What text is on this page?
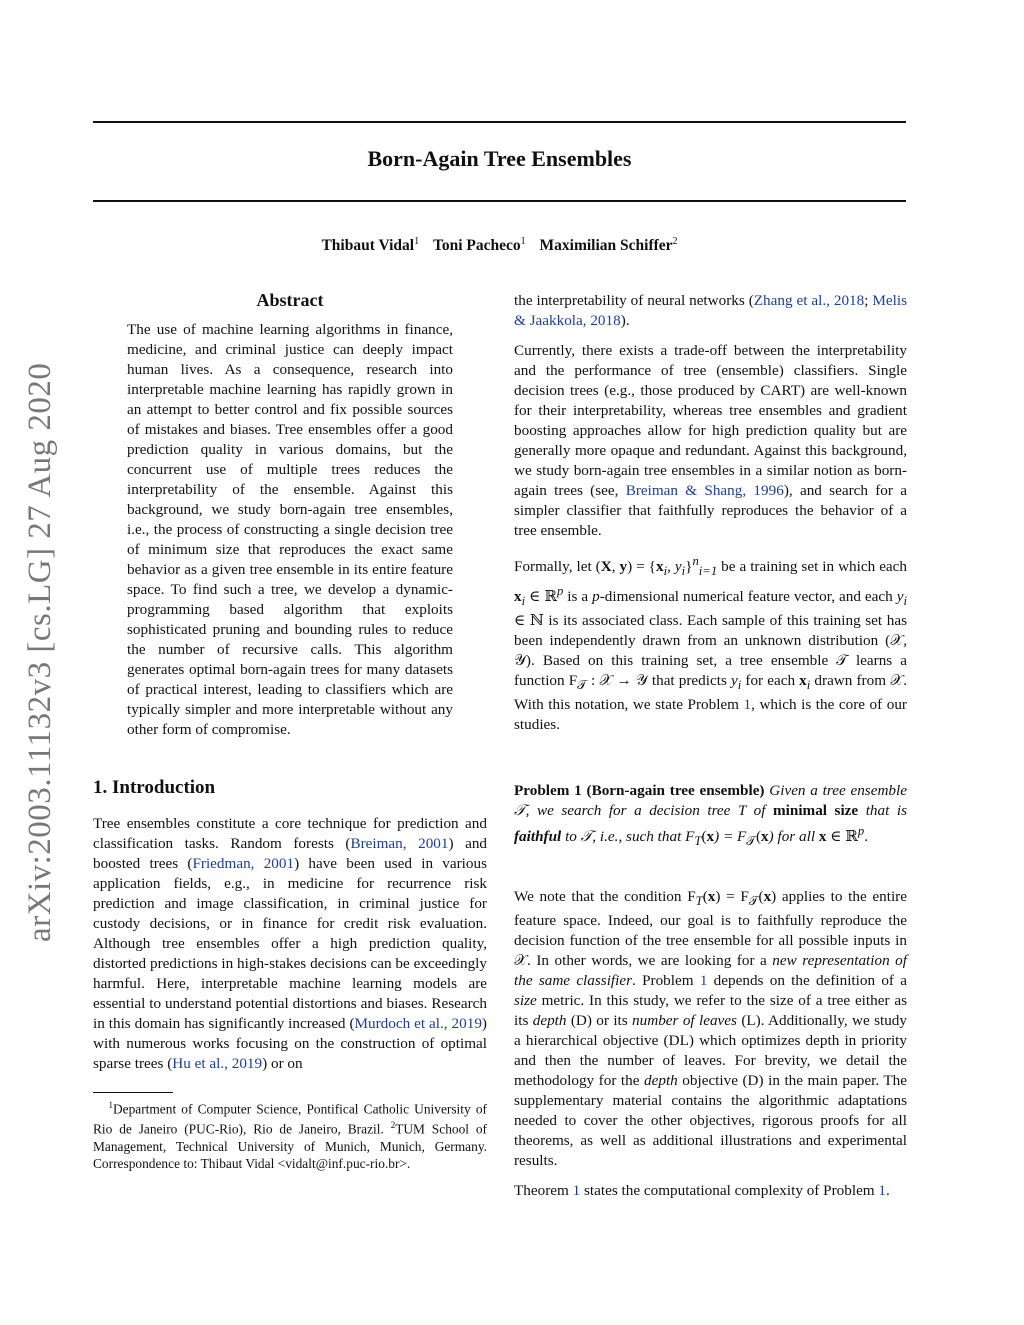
Born-Again Tree Ensembles
Thibaut Vidal$^1$ Toni Pacheco$^1$ Maximilian Schiffer$^2$
arXiv:2003.11132v3 [cs.LG] 27 Aug 2020
Abstract

The use of machine learning algorithms in finance, medicine, and criminal justice can deeply impact human lives. As a consequence, research into interpretable machine learning has rapidly grown in an attempt to better control and fix possible sources of mistakes and biases. Tree ensembles offer a good prediction quality in various domains, but the concurrent use of multiple trees reduces the interpretability of the ensemble. Against this background, we study born-again tree ensembles, i.e., the process of constructing a single decision tree of minimum size that reproduces the exact same behavior as a given tree ensemble in its entire feature space. To find such a tree, we develop a dynamic-programming based algorithm that exploits sophisticated pruning and bounding rules to reduce the number of recursive calls. This algorithm generates optimal born-again trees for many datasets of practical interest, leading to classifiers which are typically simpler and more interpretable without any other form of compromise.

1. Introduction

Tree ensembles constitute a core technique for prediction and classification tasks. Random forests (Breiman, 2001) and boosted trees (Friedman, 2001) have been used in various application fields, e.g., in medicine for recurrence risk prediction and image classification, in criminal justice for custody decisions, or in finance for credit risk evaluation. Although tree ensembles offer a high prediction quality, distorted predictions in high-stakes decisions can be exceedingly harmful. Here, interpretable machine learning models are essential to understand potential distortions and biases. Research in this domain has significantly increased (Murdoch et al., 2019) with numerous works focusing on the construction of optimal sparse trees (Hu et al., 2019) or on

$^1$Department of Computer Science, Pontifical Catholic University of Rio de Janeiro (PUC-Rio), Rio de Janeiro, Brazil. $^2$TUM School of Management, Technical University of Munich, Munich, Germany. Correspondence to: Thibaut Vidal <vidalt@inf.puc-rio.br>.

the interpretability of neural networks (Zhang et al., 2018; Melis & Jaakkola, 2018).

Currently, there exists a trade-off between the interpretability and the performance of tree (ensemble) classifiers. Single decision trees (e.g., those produced by CART) are well-known for their interpretability, whereas tree ensembles and gradient boosting approaches allow for high prediction quality but are generally more opaque and redundant. Against this background, we study born-again tree ensembles in a similar notion as born-again trees (see, Breiman & Shang, 1996), and search for a simpler classifier that faithfully reproduces the behavior of a tree ensemble.

Formally, let (X, $y) = \{x_i$, $y_i\}^n_{i=1}$ be a training set in which each $x_i$ ∈ ℝ$^p$ is a p-dimensional numerical feature vector, and each $y_i$ ∈ ℕ is its associated class. Each sample of this training set has been independently drawn from an unknown distribution (𝒳, 𝒴). Based on this training set, a tree ensemble 𝒯 learns a function $F_𝒯$ : 𝒳 → 𝒴 that predicts $y_i$ for each $x_i$ drawn from 𝒳. With this notation, we state Problem 1, which is the core of our studies.

Problem 1 (Born-again tree ensemble) Given a tree ensemble 𝒯, we search for a decision tree T of minimal size that is faithful to 𝒯, i.e., such that $F_T(x) = F_𝒯(x)$ for all x ∈ ℝ$^p$.

We note that the condition $F_T(x) = F_𝒯(x)$ applies to the entire feature space. Indeed, our goal is to faithfully reproduce the decision function of the tree ensemble for all possible inputs in 𝒳. In other words, we are looking for a new representation of the same classifier. Problem 1 depends on the definition of a size metric. In this study, we refer to the size of a tree either as its depth (D) or its number of leaves (L). Additionally, we study a hierarchical objective (DL) which optimizes depth in priority and then the number of leaves. For brevity, we detail the methodology for the depth objective (D) in the main paper. The supplementary material contains the algorithmic adaptations needed to cover the other objectives, rigorous proofs for all theorems, as well as additional illustrations and experimental results.

Theorem 1 states the computational complexity of Problem 1.
